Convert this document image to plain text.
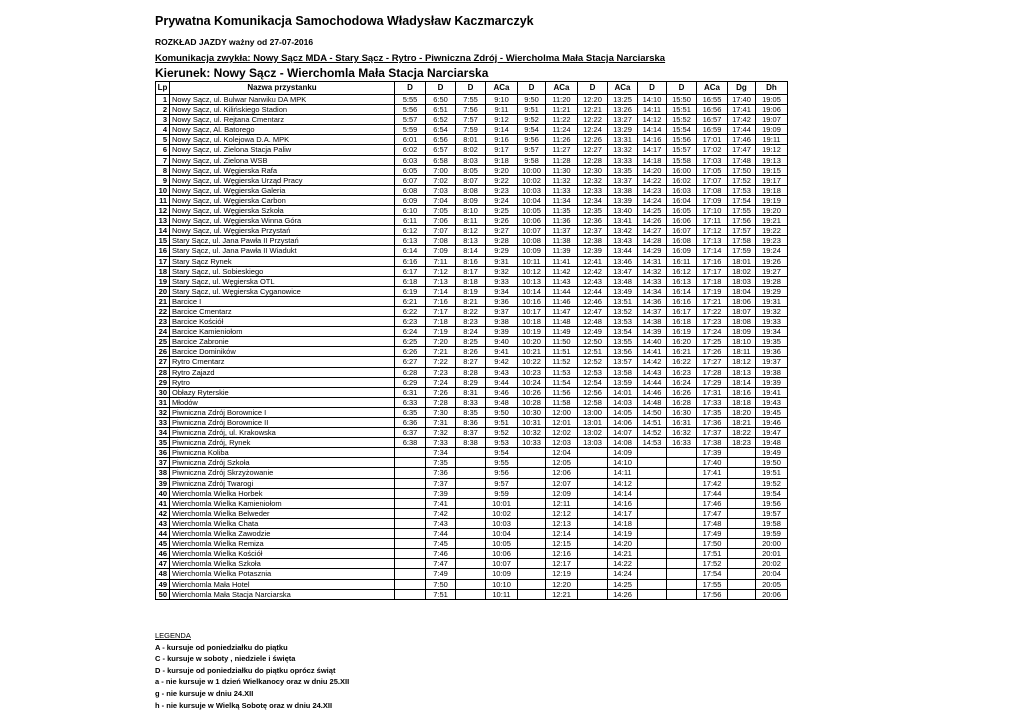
Prywatna Komunikacja Samochodowa Władysław Kaczmarczyk
ROZKŁAD JAZDY ważny od 27-07-2016
Komunikacja zwykła: Nowy Sącz MDA - Stary Sącz - Rytro - Piwniczna Zdrój - Wiercholma Mała Stacja Narciarska
Kierunek: Nowy Sącz - Wierchomla Mała Stacja Narciarska
Lp	Nazwa przystanku	D	D	D	ACa	D	ACa	D	ACa	D	D	ACa	Dg	Dh
1	Nowy Sącz, ul. Bulwar Narwiku DA MPK	5:55	6:50	7:55	9:10	9:50	11:20	12:20	13:25	14:10	15:50	16:55	17:40	19:05
2	Nowy Sącz, ul. Kilińskiego Stadion	5:56	6:51	7:56	9:11	9:51	11:21	12:21	13:26	14:11	15:51	16:56	17:41	19:06
3	Nowy Sącz, ul. Rejtana Cmentarz	5:57	6:52	7:57	9:12	9:52	11:22	12:22	13:27	14:12	15:52	16:57	17:42	19:07
4	Nowy Sącz, Al. Batorego	5:59	6:54	7:59	9:14	9:54	11:24	12:24	13:29	14:14	15:54	16:59	17:44	19:09
5	Nowy Sącz, ul. Kolejowa D.A. MPK	6:01	6:56	8:01	9:16	9:56	11:26	12:26	13:31	14:16	15:56	17:01	17:46	19:11
6	Nowy Sącz, ul. Zielona Stacja Paliw	6:02	6:57	8:02	9:17	9:57	11:27	12:27	13:32	14:17	15:57	17:02	17:47	19:12
7	Nowy Sącz, ul. Zielona WSB	6:03	6:58	8:03	9:18	9:58	11:28	12:28	13:33	14:18	15:58	17:03	17:48	19:13
8	Nowy Sącz, ul. Węgierska Rafa	6:05	7:00	8:05	9:20	10:00	11:30	12:30	13:35	14:20	16:00	17:05	17:50	19:15
9	Nowy Sącz, ul. Węgierska Urząd Pracy	6:07	7:02	8:07	9:22	10:02	11:32	12:32	13:37	14:22	16:02	17:07	17:52	19:17
10	Nowy Sącz, ul. Węgierska Galeria	6:08	7:03	8:08	9:23	10:03	11:33	12:33	13:38	14:23	16:03	17:08	17:53	19:18
11	Nowy Sącz, ul. Węgierska Carbon	6:09	7:04	8:09	9:24	10:04	11:34	12:34	13:39	14:24	16:04	17:09	17:54	19:19
12	Nowy Sącz, ul. Węgierska Szkoła	6:10	7:05	8:10	9:25	10:05	11:35	12:35	13:40	14:25	16:05	17:10	17:55	19:20
13	Nowy Sącz, ul. Węgierska Winna Góra	6:11	7:06	8:11	9:26	10:06	11:36	12:36	13:41	14:26	16:06	17:11	17:56	19:21
14	Nowy Sącz, ul. Węgierska Przystań	6:12	7:07	8:12	9:27	10:07	11:37	12:37	13:42	14:27	16:07	17:12	17:57	19:22
15	Stary Sącz, ul. Jana Pawła II Przystań	6:13	7:08	8:13	9:28	10:08	11:38	12:38	13:43	14:28	16:08	17:13	17:58	19:23
16	Stary Sącz, ul. Jana Pawła II Wiadukt	6:14	7:09	8:14	9:29	10:09	11:39	12:39	13:44	14:29	16:09	17:14	17:59	19:24
17	Stary Sącz Rynek	6:16	7:11	8:16	9:31	10:11	11:41	12:41	13:46	14:31	16:11	17:16	18:01	19:26
18	Stary Sącz, ul. Sobieskiego	6:17	7:12	8:17	9:32	10:12	11:42	12:42	13:47	14:32	16:12	17:17	18:02	19:27
19	Stary Sącz, ul. Węgierska OTL	6:18	7:13	8:18	9:33	10:13	11:43	12:43	13:48	14:33	16:13	17:18	18:03	19:28
20	Stary Sącz, ul. Węgierska Cyganowice	6:19	7:14	8:19	9:34	10:14	11:44	12:44	13:49	14:34	16:14	17:19	18:04	19:29
21	Barcice I	6:21	7:16	8:21	9:36	10:16	11:46	12:46	13:51	14:36	16:16	17:21	18:06	19:31
22	Barcice Cmentarz	6:22	7:17	8:22	9:37	10:17	11:47	12:47	13:52	14:37	16:17	17:22	18:07	19:32
23	Barcice Kościół	6:23	7:18	8:23	9:38	10:18	11:48	12:48	13:53	14:38	16:18	17:23	18:08	19:33
24	Barcice Kamieniołom	6:24	7:19	8:24	9:39	10:19	11:49	12:49	13:54	14:39	16:19	17:24	18:09	19:34
25	Barcice Zabronie	6:25	7:20	8:25	9:40	10:20	11:50	12:50	13:55	14:40	16:20	17:25	18:10	19:35
26	Barcice Dominików	6:26	7:21	8:26	9:41	10:21	11:51	12:51	13:56	14:41	16:21	17:26	18:11	19:36
27	Rytro Cmentarz	6:27	7:22	8:27	9:42	10:22	11:52	12:52	13:57	14:42	16:22	17:27	18:12	19:37
28	Rytro Zajazd	6:28	7:23	8:28	9:43	10:23	11:53	12:53	13:58	14:43	16:23	17:28	18:13	19:38
29	Rytro	6:29	7:24	8:29	9:44	10:24	11:54	12:54	13:59	14:44	16:24	17:29	18:14	19:39
30	Obłazy Ryterskie	6:31	7:26	8:31	9:46	10:26	11:56	12:56	14:01	14:46	16:26	17:31	18:16	19:41
31	Młodów	6:33	7:28	8:33	9:48	10:28	11:58	12:58	14:03	14:48	16:28	17:33	18:18	19:43
32	Piwniczna Zdrój Borownice I	6:35	7:30	8:35	9:50	10:30	12:00	13:00	14:05	14:50	16:30	17:35	18:20	19:45
33	Piwniczna Zdrój Borownice II	6:36	7:31	8:36	9:51	10:31	12:01	13:01	14:06	14:51	16:31	17:36	18:21	19:46
34	Piwniczna Zdrój, ul. Krakowska	6:37	7:32	8:37	9:52	10:32	12:02	13:02	14:07	14:52	16:32	17:37	18:22	19:47
35	Piwniczna Zdrój, Rynek	6:38	7:33	8:38	9:53	10:33	12:03	13:03	14:08	14:53	16:33	17:38	18:23	19:48
36	Piwniczna Koliba		7:34		9:54		12:04		14:09			17:39		19:49
37	Piwniczna Zdrój Szkoła		7:35		9:55		12:05		14:10			17:40		19:50
38	Piwniczna Zdrój Skrzyżowanie		7:36		9:56		12:06		14:11			17:41		19:51
39	Piwniczna Zdrój Twarogi		7:37		9:57		12:07		14:12			17:42		19:52
40	Wierchomla Wielka Horbek		7:39		9:59		12:09		14:14			17:44		19:54
41	Wierchomla Wielka Kamieniołom		7:41		10:01		12:11		14:16			17:46		19:56
42	Wierchomla Wielka Belweder		7:42		10:02		12:12		14:17			17:47		19:57
43	Wierchomla Wielka Chata		7:43		10:03		12:13		14:18			17:48		19:58
44	Wierchomla Wielka Zawodzie		7:44		10:04		12:14		14:19			17:49		19:59
45	Wierchomla Wielka Remiza		7:45		10:05		12:15		14:20			17:50		20:00
46	Wierchomla Wielka Kościół		7:46		10:06		12:16		14:21			17:51		20:01
47	Wierchomla Wielka Szkoła		7:47		10:07		12:17		14:22			17:52		20:02
48	Wierchomla Wielka Potasznia		7:49		10:09		12:19		14:24			17:54		20:04
49	Wierchomla Mała Hotel		7:50		10:10		12:20		14:25			17:55		20:05
50	Wierchomla Mała Stacja Narciarska		7:51		10:11		12:21		14:26			17:56		20:06
LEGENDA
A - kursuje od poniedziałku do piątku
C - kursuje w soboty , niedziele i święta
D - kursuje od poniedziałku do piątku oprócz świąt
a - nie kursuje w 1 dzień Wielkanocy oraz w dniu 25.XII
g - nie kursuje w dniu 24.XII
h - nie kursuje w Wielką Sobotę oraz w dniu 24.XII
